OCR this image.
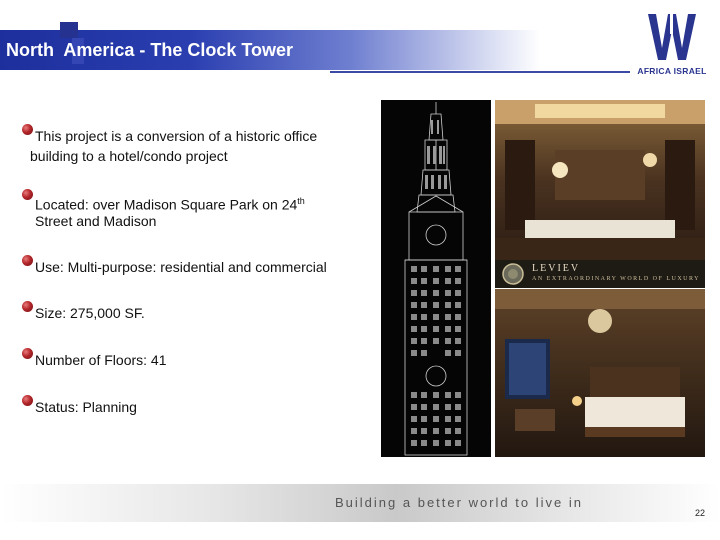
North  America - The Clock Tower
AFRICA ISRAEL
This project is a conversion of a historic office
building to a hotel/condo project
Located: over Madison Square Park on 24th
Street and Madison
Use: Multi-purpose: residential and commercial
Size: 275,000 SF.
Number of Floors: 41
Status: Planning
LEVIEV
AN EXTRAORDINARY WORLD OF LUXURY
Building a better world to live in
22
